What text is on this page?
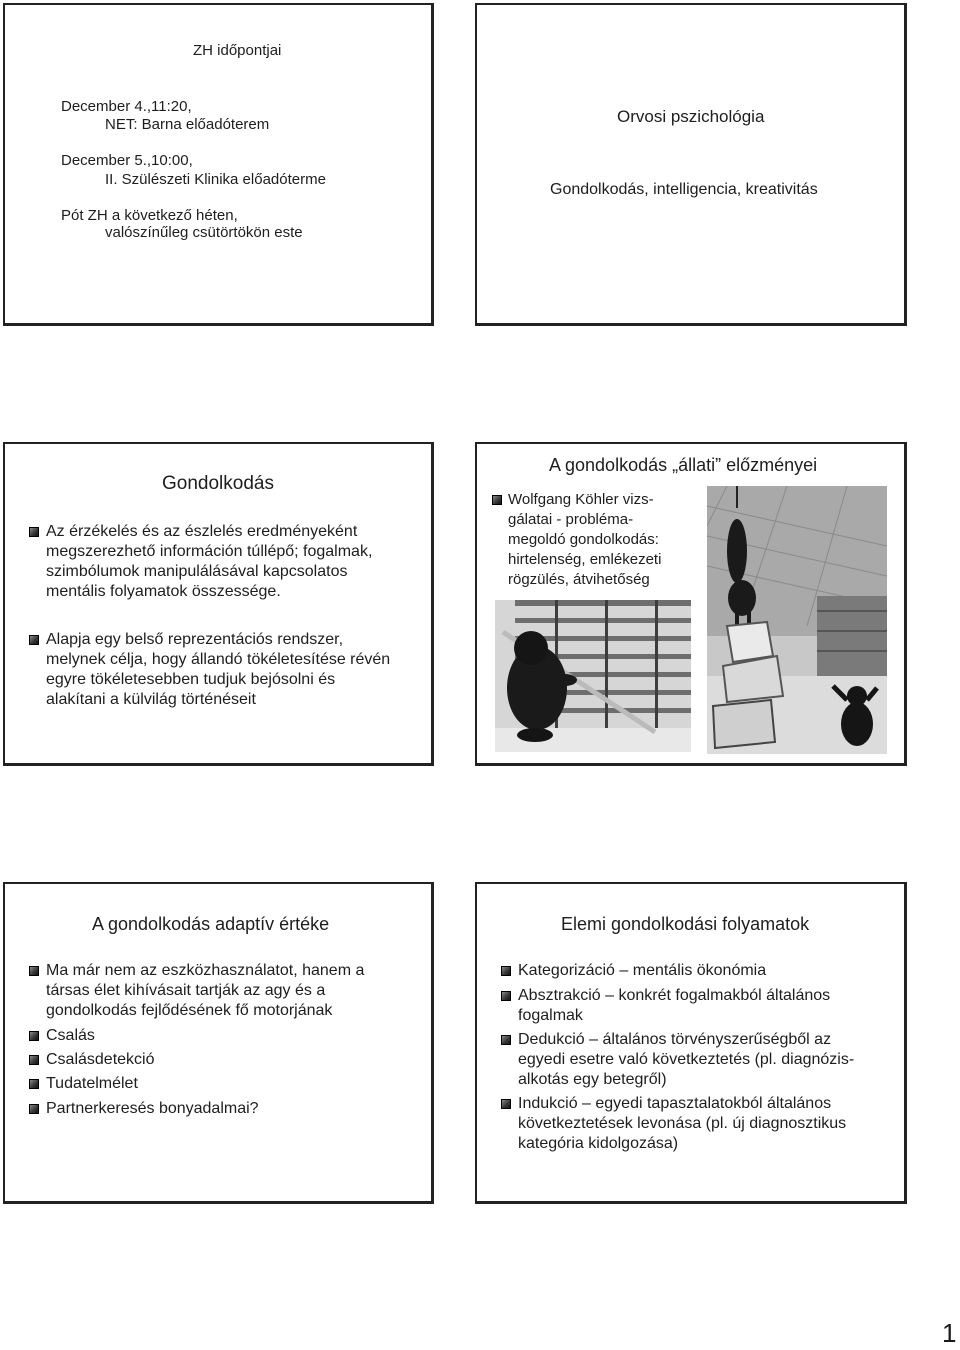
ZH időpontjai
December 4.,11:20,
NET: Barna előadóterem
December 5.,10:00,
II. Szülészeti Klinika előadóterme
Pót ZH a következő héten,
valószínűleg csütörtökön este
Orvosi pszichológia
Gondolkodás, intelligencia, kreativitás
Gondolkodás
Az érzékelés és az észlelés eredményeként
megszerezhető információn túllépő; fogalmak,
szimbólumok manipulálásával kapcsolatos
mentális folyamatok összessége.
Alapja egy belső reprezentációs rendszer,
melynek célja, hogy állandó tökéletesítése révén
egyre tökéletesebben tudjuk bejósolni és
alakítani a külvilág történéseit
A gondolkodás „állati” előzményei
Wolfgang Köhler vizs-
gálatai - probléma-
megoldó gondolkodás:
hirtelenség, emlékezeti
rögzülés, átvihetőség
A gondolkodás adaptív értéke
Ma már nem az eszközhasználatot, hanem a
társas élet kihívásait tartják az agy és a
gondolkodás fejlődésének fő motorjának
Csalás
Csalásdetekció
Tudatelmélet
Partnerkeresés bonyadalmai?
Elemi gondolkodási folyamatok
Kategorizáció – mentális ökonómia
Absztrakció – konkrét fogalmakból általános
fogalmak
Dedukció – általános törvényszerűségből az
egyedi esetre való következtetés (pl. diagnózis-
alkotás egy betegről)
Indukció – egyedi tapasztalatokból általános
következtetések levonása (pl. új diagnosztikus
kategória kidolgozása)
1
